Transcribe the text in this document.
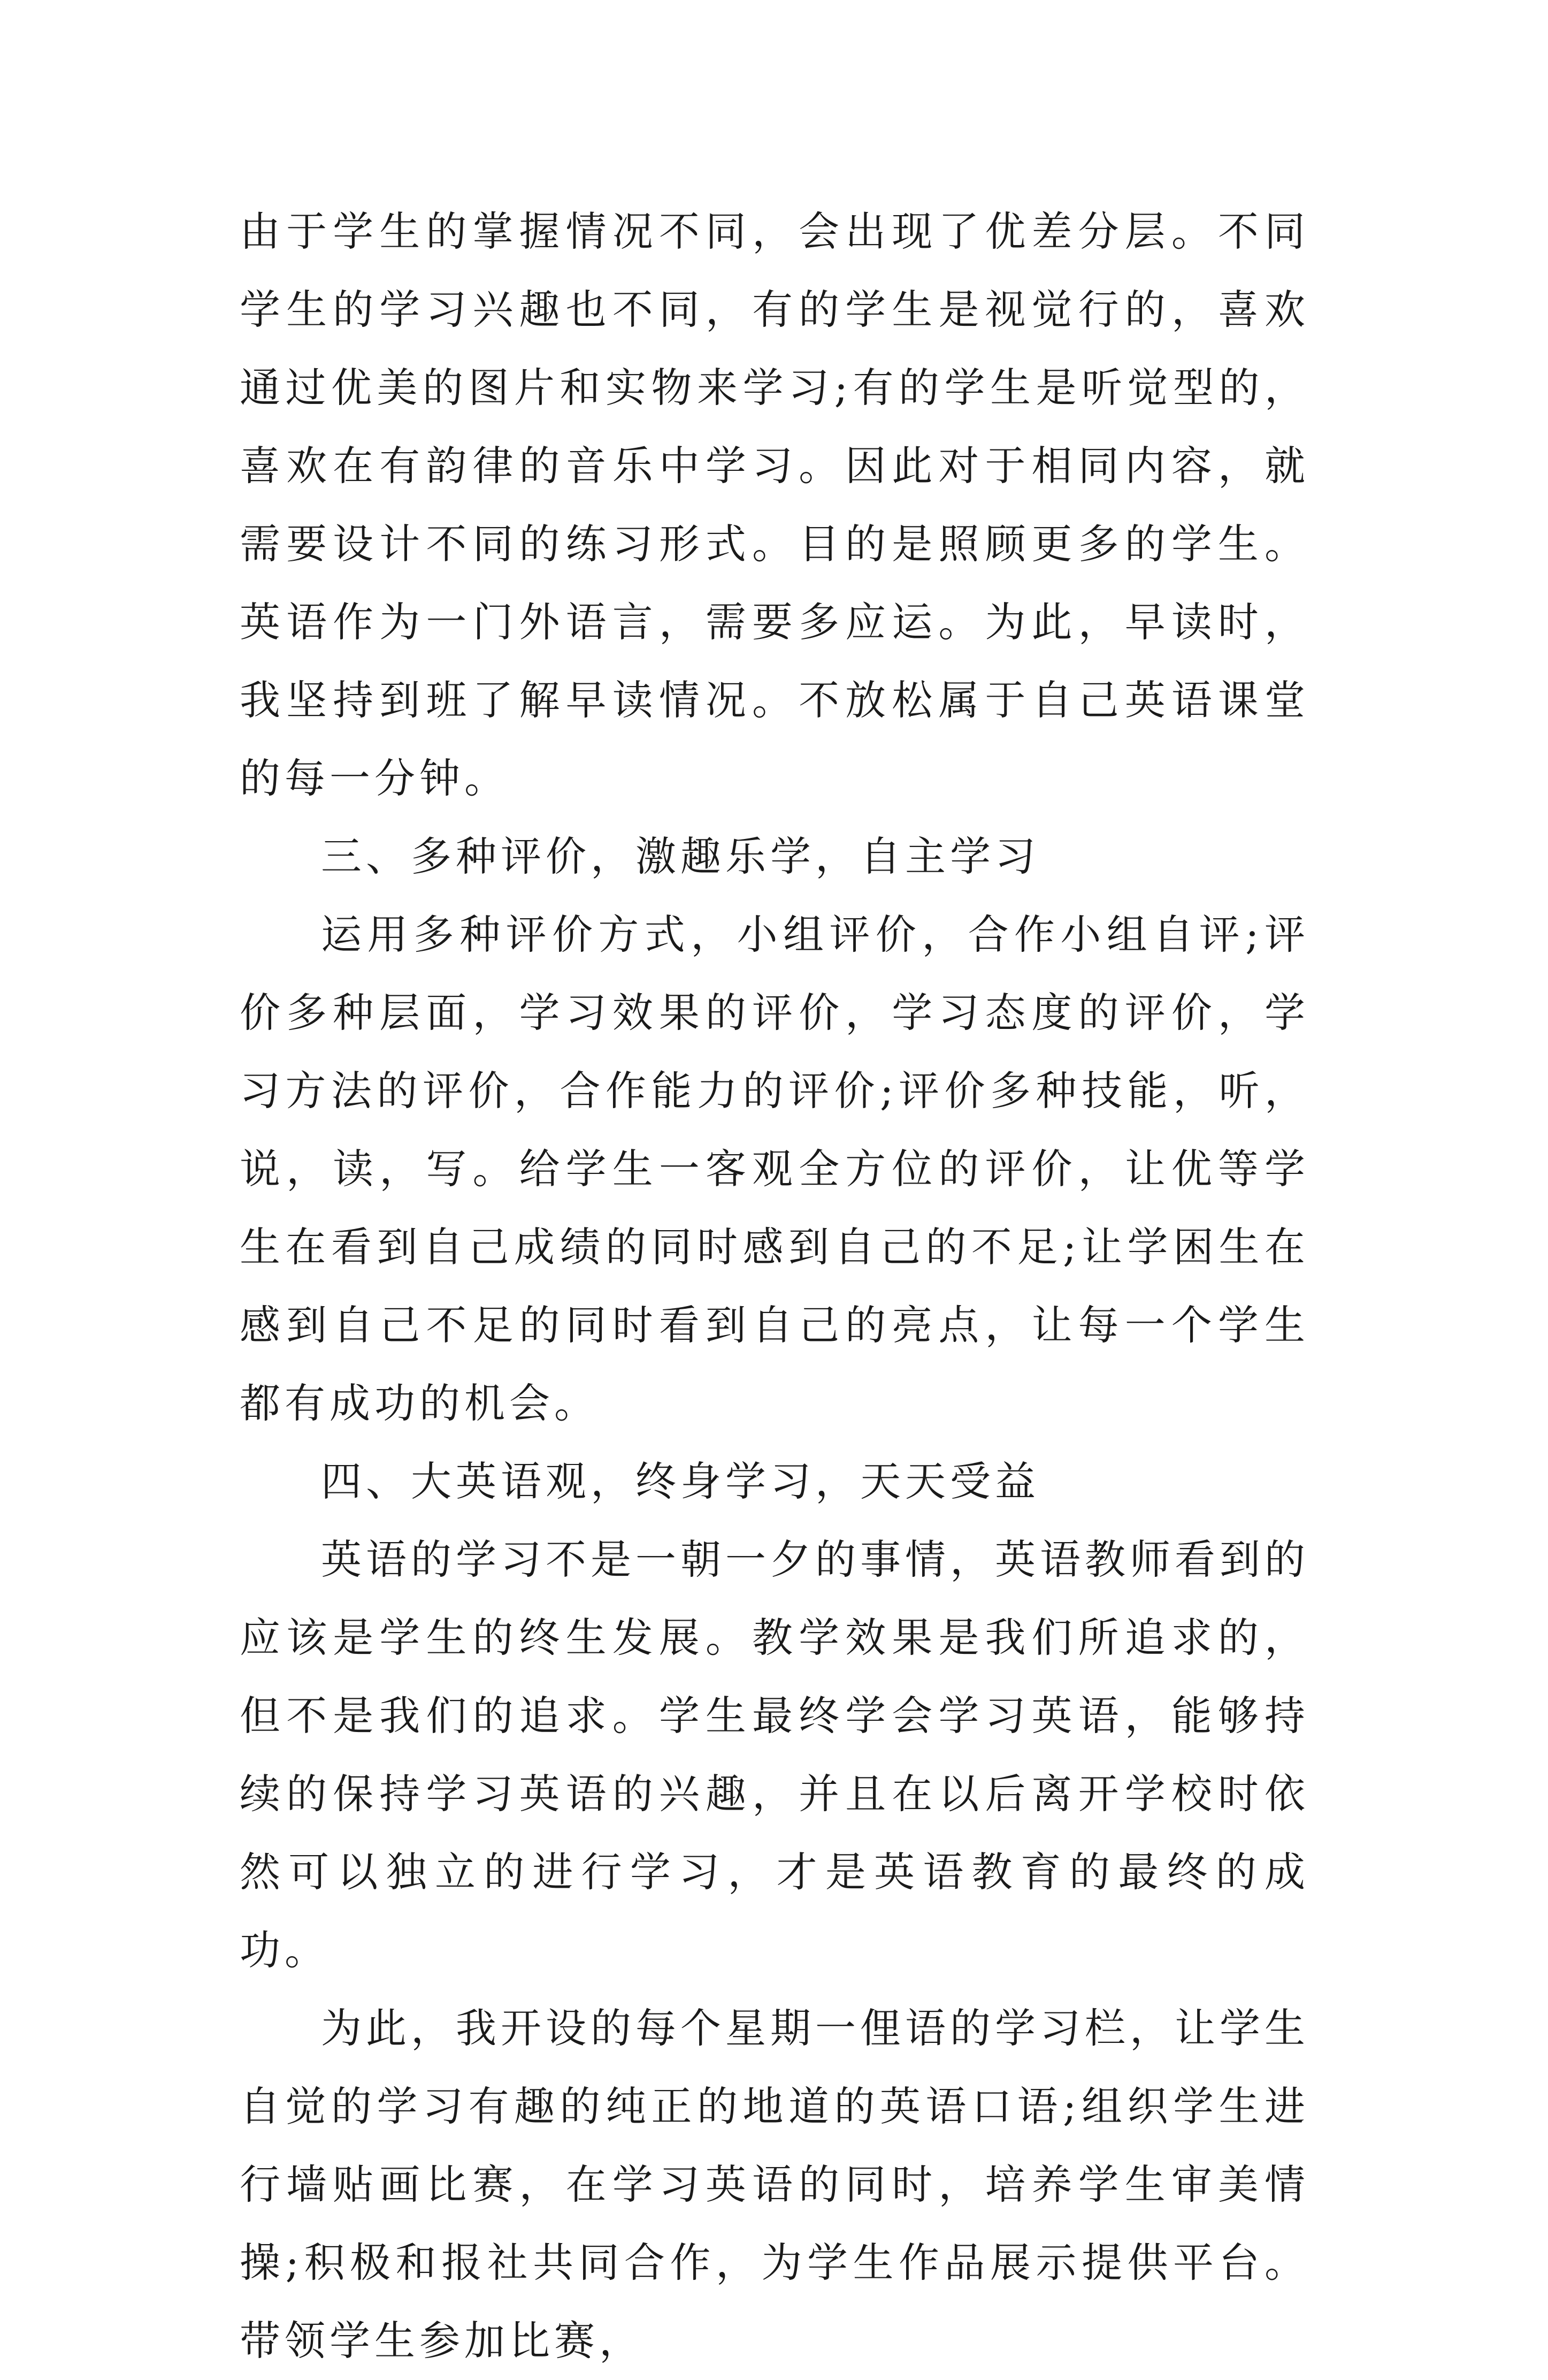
由于学生的掌握情况不同，会出现了优差分层。不同学生的学习兴趣也不同，有的学生是视觉行的，喜欢通过优美的图片和实物来学习;有的学生是听觉型的，喜欢在有韵律的音乐中学习。因此对于相同内容，就需要设计不同的练习形式。目的是照顾更多的学生。英语作为一门外语言，需要多应运。为此，早读时，我坚持到班了解早读情况。不放松属于自己英语课堂的每一分钟。

三、多种评价，激趣乐学，自主学习

运用多种评价方式，小组评价，合作小组自评;评价多种层面，学习效果的评价，学习态度的评价，学习方法的评价，合作能力的评价;评价多种技能，听，说，读，写。给学生一客观全方位的评价，让优等学生在看到自己成绩的同时感到自己的不足;让学困生在感到自己不足的同时看到自己的亮点，让每一个学生都有成功的机会。

四、大英语观，终身学习，天天受益

英语的学习不是一朝一夕的事情，英语教师看到的应该是学生的终生发展。教学效果是我们所追求的，但不是我们的追求。学生最终学会学习英语，能够持续的保持学习英语的兴趣，并且在以后离开学校时依然可以独立的进行学习，才是英语教育的最终的成功。

为此，我开设的每个星期一俚语的学习栏，让学生自觉的学习有趣的纯正的地道的英语口语;组织学生进行墙贴画比赛，在学习英语的同时，培养学生审美情操;积极和报社共同合作，为学生作品展示提供平台。带领学生参加比赛，
